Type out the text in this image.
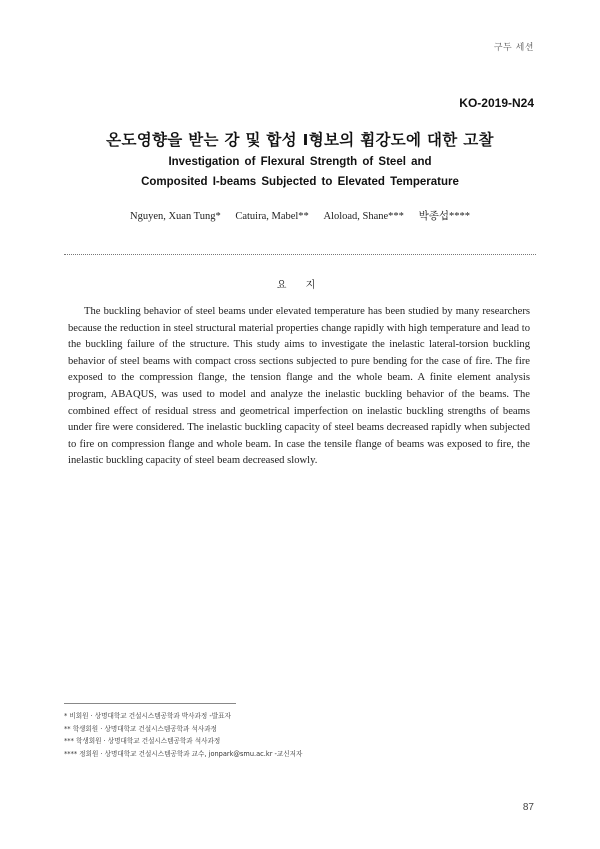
구두 세션
KO-2019-N24
온도영향을 받는 강 및 합성 I형보의 휨강도에 대한 고찰
Investigation of Flexural Strength of Steel and
Composited I-beams Subjected to Elevated Temperature
Nguyen, Xuan Tung* Catuira, Mabel** Aloload, Shane*** 박종섭****
요 지

The buckling behavior of steel beams under elevated temperature has been studied by many researchers because the reduction in steel structural material properties change rapidly with high temperature and lead to the buckling failure of the structure. This study aims to investigate the inelastic lateral-torsion buckling behavior of steel beams with compact cross sections subjected to pure bending for the case of fire. The fire exposed to the compression flange, the tension flange and the whole beam. A finite element analysis program, ABAQUS, was used to model and analyze the inelastic buckling behavior of the beams. The combined effect of residual stress and geometrical imperfection on inelastic buckling strengths of beams under fire were considered. The inelastic buckling capacity of steel beams decreased rapidly when subjected to fire on compression flange and whole beam. In case the tensile flange of beams was exposed to fire, the inelastic buckling capacity of steel beam decreased slowly.

* 비회원 · 상명대학교 건설시스템공학과 박사과정 -발표자
** 학생회원 · 상명대학교 건설시스템공학과 석사과정
*** 학생회원 · 상명대학교 건설시스템공학과 석사과정
**** 정회원 · 상명대학교 건설시스템공학과 교수, jonpark@smu.ac.kr -교신저자
87
